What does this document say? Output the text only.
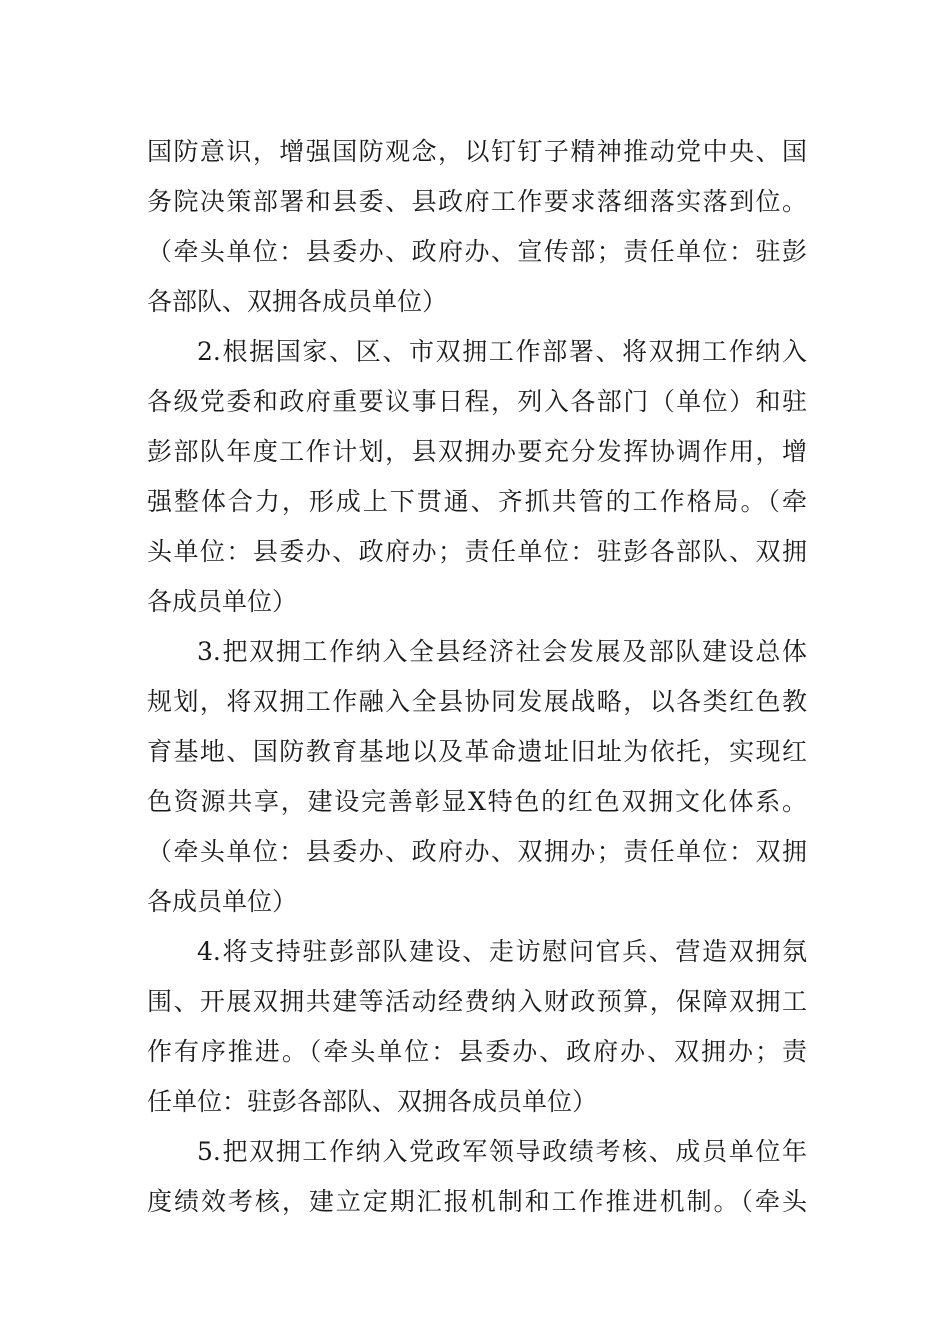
国防意识，增强国防观念，以钉钉子精神推动党中央、国
务院决策部署和县委、县政府工作要求落细落实落到位。
（牵头单位：县委办、政府办、宣传部；责任单位：驻彭
各部队、双拥各成员单位）
2.根据国家、区、市双拥工作部署、将双拥工作纳入
各级党委和政府重要议事日程，列入各部门（单位）和驻
彭部队年度工作计划，县双拥办要充分发挥协调作用，增
强整体合力，形成上下贯通、齐抓共管的工作格局。（牵
头单位：县委办、政府办；责任单位：驻彭各部队、双拥
各成员单位）
3.把双拥工作纳入全县经济社会发展及部队建设总体
规划，将双拥工作融入全县协同发展战略，以各类红色教
育基地、国防教育基地以及革命遗址旧址为依托，实现红
色资源共享，建设完善彰显X特色的红色双拥文化体系。
（牵头单位：县委办、政府办、双拥办；责任单位：双拥
各成员单位）
4.将支持驻彭部队建设、走访慰问官兵、营造双拥氛
围、开展双拥共建等活动经费纳入财政预算，保障双拥工
作有序推进。（牵头单位：县委办、政府办、双拥办；责
任单位：驻彭各部队、双拥各成员单位）
5.把双拥工作纳入党政军领导政绩考核、成员单位年
度绩效考核，建立定期汇报机制和工作推进机制。（牵头
